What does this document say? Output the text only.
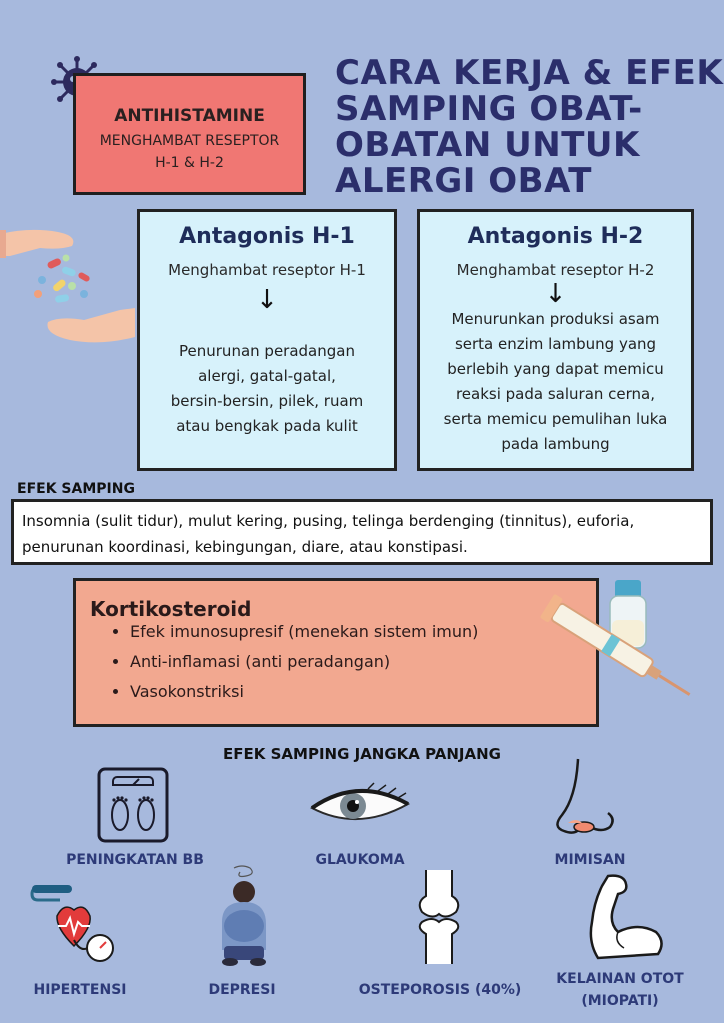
ANTIHISTAMINE
MENGHAMBAT RESEPTOR
H-1 & H-2
CARA KERJA & EFEK
SAMPING OBAT-
OBATAN UNTUK
ALERGI OBAT
Antagonis H-1
Menghambat reseptor H-1
↓
Penurunan peradangan
alergi, gatal-gatal,
bersin-bersin, pilek, ruam
atau bengkak pada kulit
Antagonis H-2
Menghambat reseptor H-2
↓
Menurunkan produksi asam
serta enzim lambung yang
berlebih yang dapat memicu
reaksi pada saluran cerna,
serta memicu pemulihan luka
pada lambung
EFEK SAMPING
Insomnia (sulit tidur), mulut kering, pusing, telinga berdenging (tinnitus), euforia,
penurunan koordinasi, kebingungan, diare, atau konstipasi.
Kortikosteroid
• Efek imunosupresif (menekan sistem imun)
• Anti-inflamasi (anti peradangan)
• Vasokonstriksi
EFEK SAMPING JANGKA PANJANG
PENINGKATAN BB	GLAUKOMA	MIMISAN
HIPERTENSI	DEPRESI	OSTEPOROSIS (40%)
KELAINAN OTOT
(MIOPATI)
